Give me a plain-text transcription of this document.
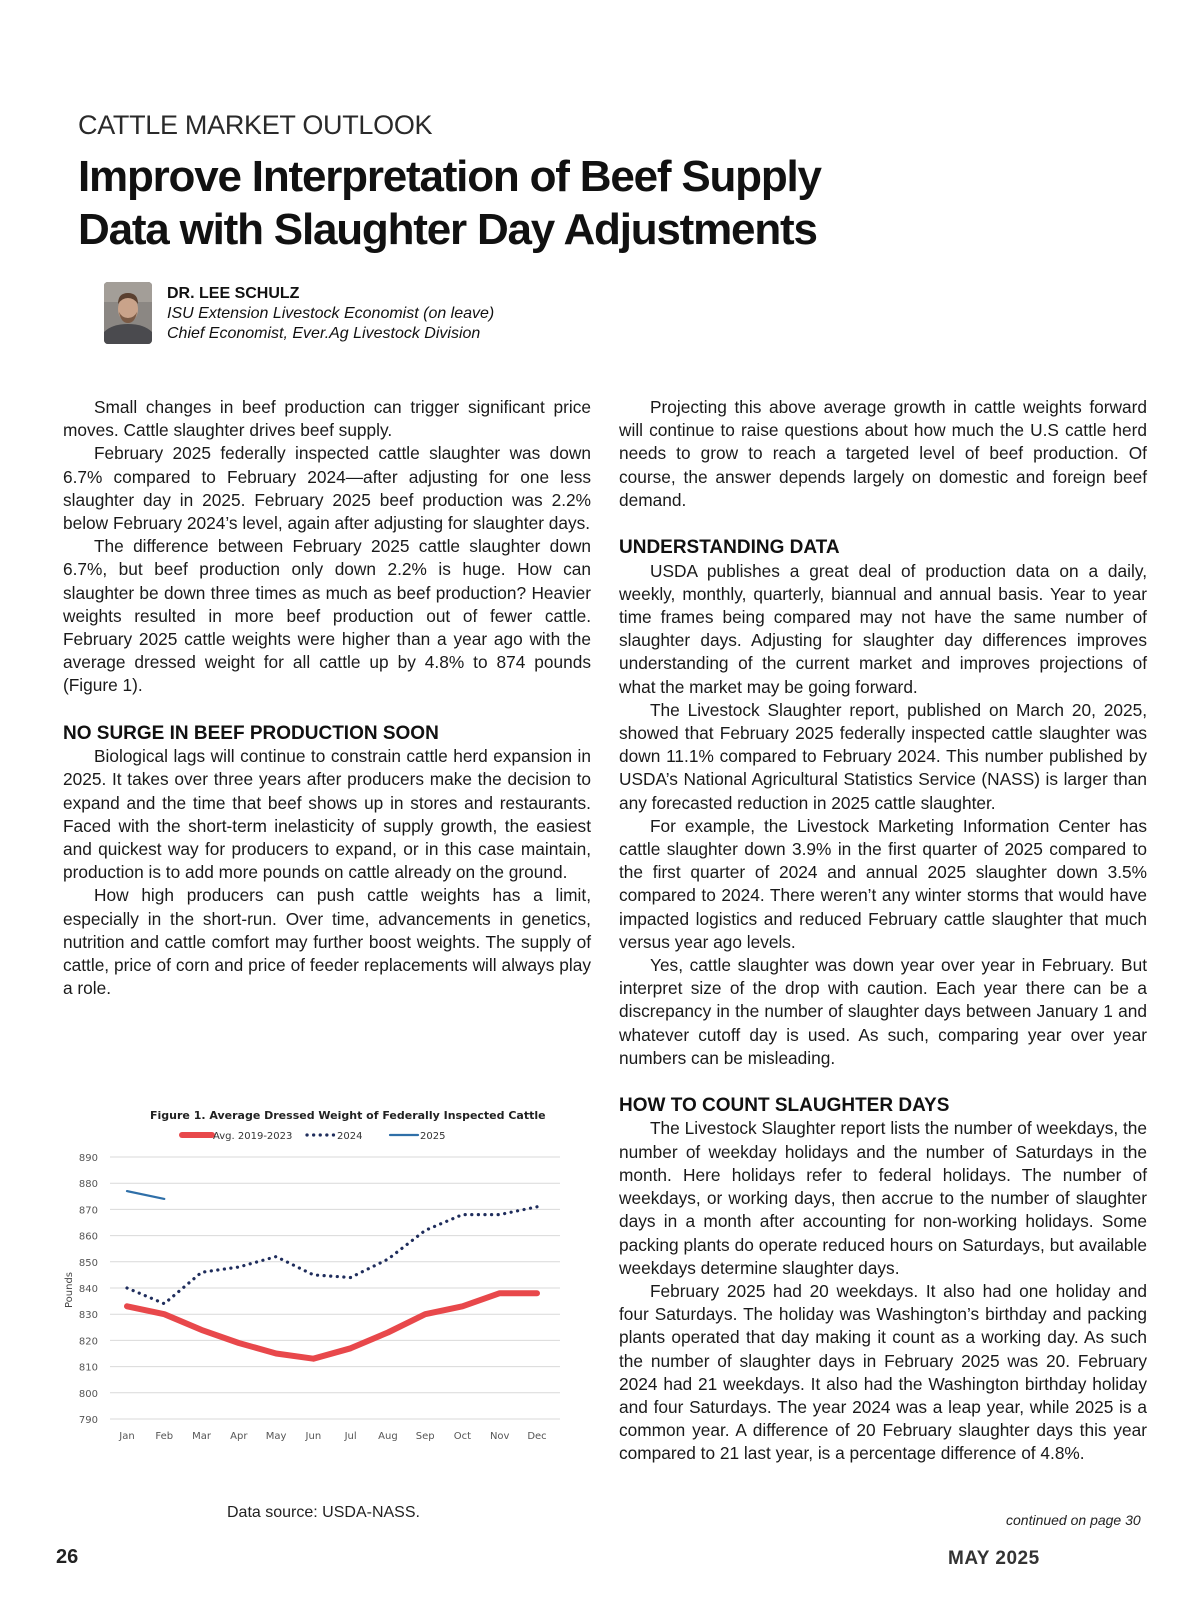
CATTLE MARKET OUTLOOK
Improve Interpretation of Beef Supply Data with Slaughter Day Adjustments
DR. LEE SCHULZ
ISU Extension Livestock Economist (on leave)
Chief Economist, Ever.Ag Livestock Division

Small changes in beef production can trigger significant price moves. Cattle slaughter drives beef supply.

February 2025 federally inspected cattle slaughter was down 6.7% compared to February 2024—after adjusting for one less slaughter day in 2025. February 2025 beef production was 2.2% below February 2024’s level, again after adjusting for slaughter days.

The difference between February 2025 cattle slaughter down 6.7%, but beef production only down 2.2% is huge. How can slaughter be down three times as much as beef production? Heavier weights resulted in more beef production out of fewer cattle. February 2025 cattle weights were higher than a year ago with the average dressed weight for all cattle up by 4.8% to 874 pounds (Figure 1).

NO SURGE IN BEEF PRODUCTION SOON

Biological lags will continue to constrain cattle herd expansion in 2025. It takes over three years after producers make the decision to expand and the time that beef shows up in stores and restaurants. Faced with the short-term inelasticity of supply growth, the easiest and quickest way for producers to expand, or in this case maintain, production is to add more pounds on cattle already on the ground.

How high producers can push cattle weights has a limit, especially in the short-run. Over time, advancements in genetics, nutrition and cattle comfort may further boost weights. The supply of cattle, price of corn and price of feeder replacements will always play a role.

Projecting this above average growth in cattle weights forward will continue to raise questions about how much the U.S cattle herd needs to grow to reach a targeted level of beef production. Of course, the answer depends largely on domestic and foreign beef demand.

UNDERSTANDING DATA

USDA publishes a great deal of production data on a daily, weekly, monthly, quarterly, biannual and annual basis. Year to year time frames being compared may not have the same number of slaughter days. Adjusting for slaughter day differences improves understanding of the current market and improves projections of what the market may be going forward.

The Livestock Slaughter report, published on March 20, 2025, showed that February 2025 federally inspected cattle slaughter was down 11.1% compared to February 2024. This number published by USDA’s National Agricultural Statistics Service (NASS) is larger than any forecasted reduction in 2025 cattle slaughter.

For example, the Livestock Marketing Information Center has cattle slaughter down 3.9% in the first quarter of 2025 compared to the first quarter of 2024 and annual 2025 slaughter down 3.5% compared to 2024. There weren’t any winter storms that would have impacted logistics and reduced February cattle slaughter that much versus year ago levels.

Yes, cattle slaughter was down year over year in February. But interpret size of the drop with caution. Each year there can be a discrepancy in the number of slaughter days between January 1 and whatever cutoff day is used. As such, comparing year over year numbers can be misleading.

HOW TO COUNT SLAUGHTER DAYS

The Livestock Slaughter report lists the number of weekdays, the number of weekday holidays and the number of Saturdays in the month. Here holidays refer to federal holidays. The number of weekdays, or working days, then accrue to the number of slaughter days in a month after accounting for non-working holidays. Some packing plants do operate reduced hours on Saturdays, but available weekdays determine slaughter days.

February 2025 had 20 weekdays. It also had one holiday and four Saturdays. The holiday was Washington’s birthday and packing plants operated that day making it count as a working day. As such the number of slaughter days in February 2025 was 20. February 2024 had 21 weekdays. It also had the Washington birthday holiday and four Saturdays. The year 2024 was a leap year, while 2025 is a common year. A difference of 20 February slaughter days this year compared to 21 last year, is a percentage difference of 4.8%.

Figure 1. Average Dressed Weight of Federally Inspected Cattle
Avg. 2019-2023	2024	2025
790
800
810
820
830
840
850
860
870
880
890
Jan Feb Mar Apr May Jun Jul Aug Sep Oct Nov Dec
Pounds
Data source: USDA-NASS.	continued on page 30
26	MAY 2025
